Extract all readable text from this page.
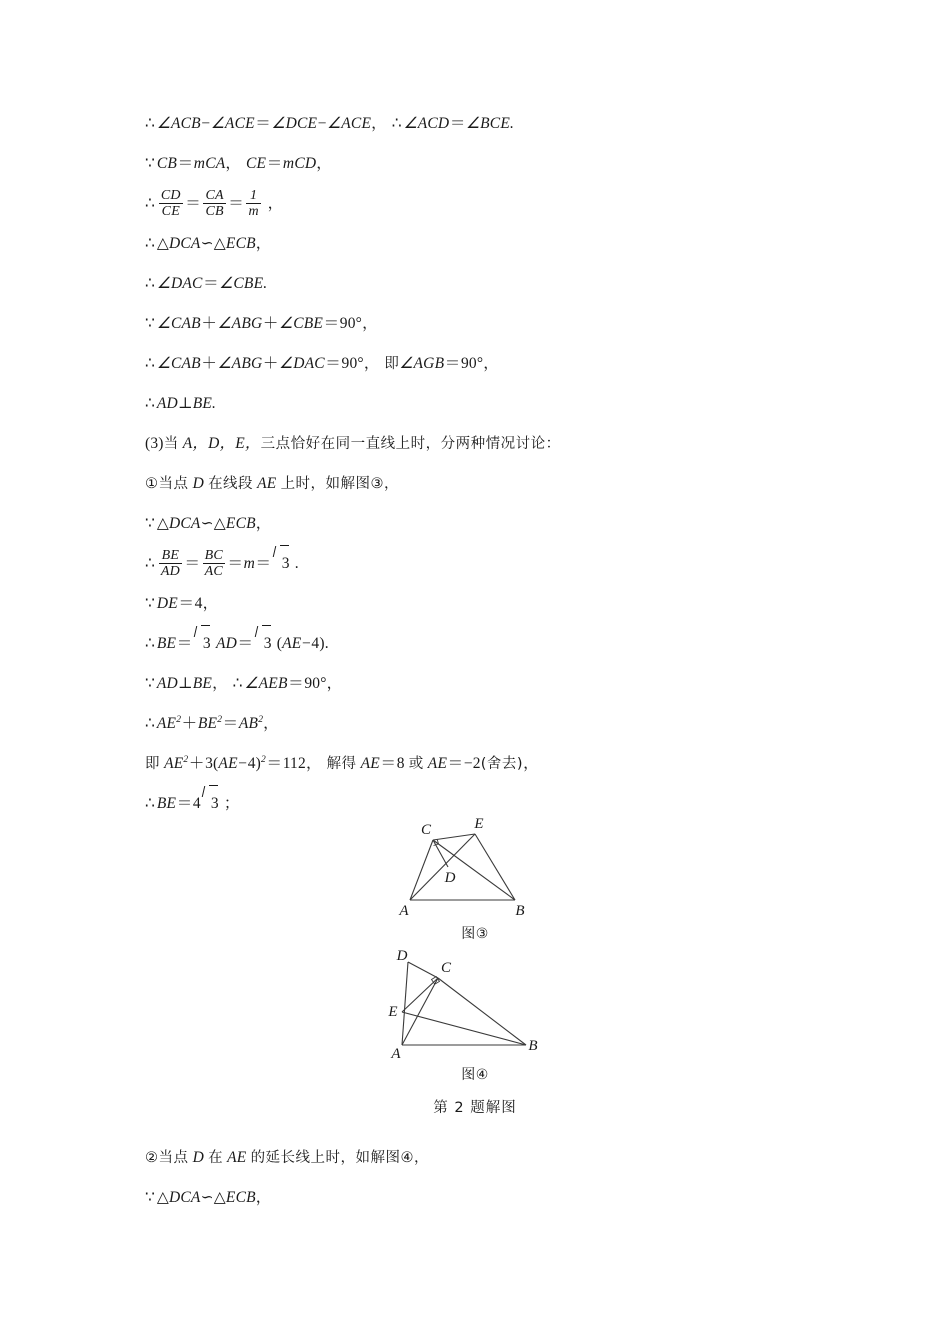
∴ ∠ACB−∠ACE＝∠DCE−∠ACE， ∴ ∠ACD＝∠BCE.
∵ CB＝mCA， CE＝mCD，
∴ $\frac{CD}{CE} = \frac{CA}{CB} = \frac{1}{m}$ ，
∴ △DCA∽△ECB，
∴ ∠DAC＝∠CBE.
∵ ∠CAB＋∠ABG＋∠CBE＝90°，
∴ ∠CAB＋∠ABG＋∠DAC＝90°， 即∠AGB＝90°，
∴ AD⊥BE.
(3)当 A，D，E，三点恰好在同一直线上时，分两种情况讨论：
①当点 D 在线段 AE 上时，如解图③，
∵ △DCA∽△ECB，
∴ $\frac{BE}{AD} = \frac{BC}{AC} =m= 3$ .
∵ DE＝4，
∴ BE＝ 3 AD＝ 3 (AE−4).
∵ AD⊥BE， ∴ ∠AEB＝90°，
∴ $AE^2+BE^2=AB^2$，
即 $AE^2+3(AE-4)^2=112$， 解得 AE＝8 或 AE＝−2(舍去)，
∴ BE＝4 3 ；
A	B
C
D
E
图③
A	B
C
D
E
图④
第 2 题解图
②当点 D 在 AE 的延长线上时，如解图④，
∵ △DCA∽△ECB，
